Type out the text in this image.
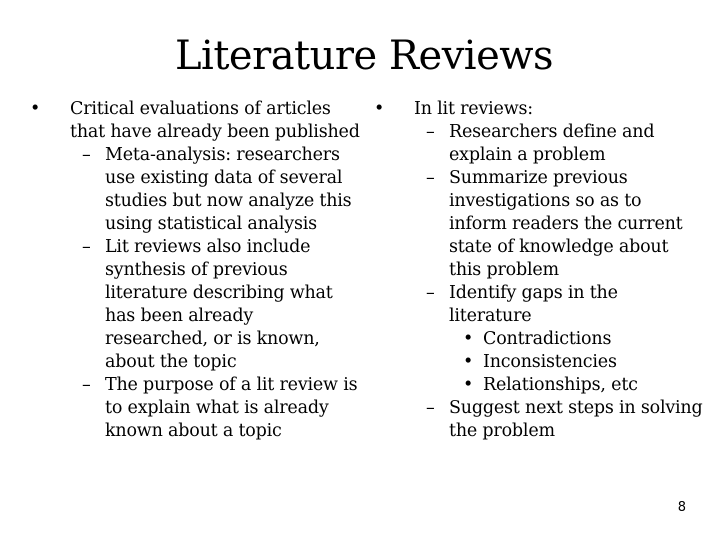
Literature Reviews
• Critical evaluations of articles that have already been published
– Meta-analysis: researchers use existing data of several studies but now analyze this using statistical analysis
– Lit reviews also include synthesis of previous literature describing what has been already researched, or is known, about the topic
– The purpose of a lit review is to explain what is already known about a topic
• In lit reviews:
– Researchers define and explain a problem
– Summarize previous investigations so as to inform readers the current state of knowledge about this problem
– Identify gaps in the literature
• Contradictions
• Inconsistencies
• Relationships, etc
– Suggest next steps in solving the problem
8
